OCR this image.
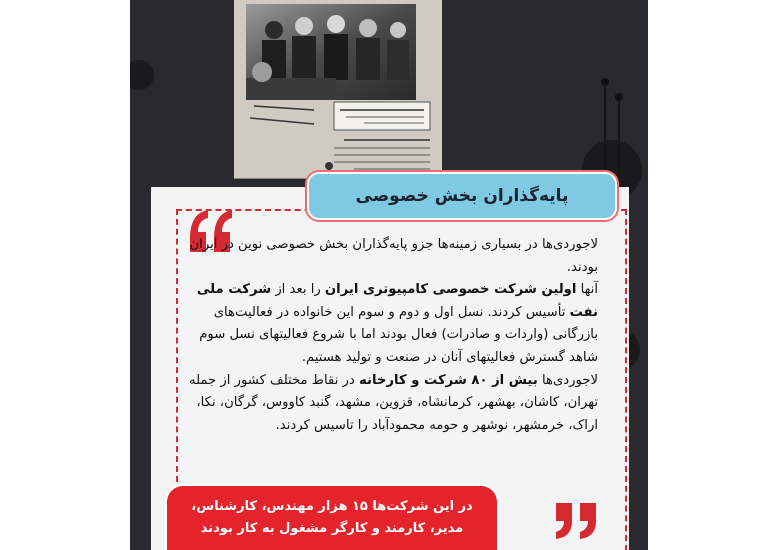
پایه‌گذاران بخش خصوصی

لاجوردی‌ها در بسیاری زمینه‌ها جزو پایه‌گذاران بخش خصوصی نوین در ایران بودند.

آنها اولین شرکت خصوصی کامپیوتری ایران را بعد از شرکت ملی نفت تأسیس کردند. نسل اول و دوم و سوم این خانواده در فعالیت‌های بازرگانی (واردات و صادرات) فعال بودند اما با شروع فعالیتهای نسل سوم شاهد گسترش فعالیتهای آنان در صنعت و تولید هستیم.

لاجوردی‌ها بیش از ۸۰ شرکت و کارخانه در نقاط مختلف کشور از جمله تهران، کاشان، بهشهر، کرمانشاه، قزوین، مشهد، گنبد کاووس، گرگان، نکا، اراک، خرمشهر، نوشهر و حومه محمودآباد را تاسیس کردند.

در این شرکت‌ها ۱۵ هزار مهندس، کارشناس،
مدیر، کارمند و کارگر مشغول به کار بودند
